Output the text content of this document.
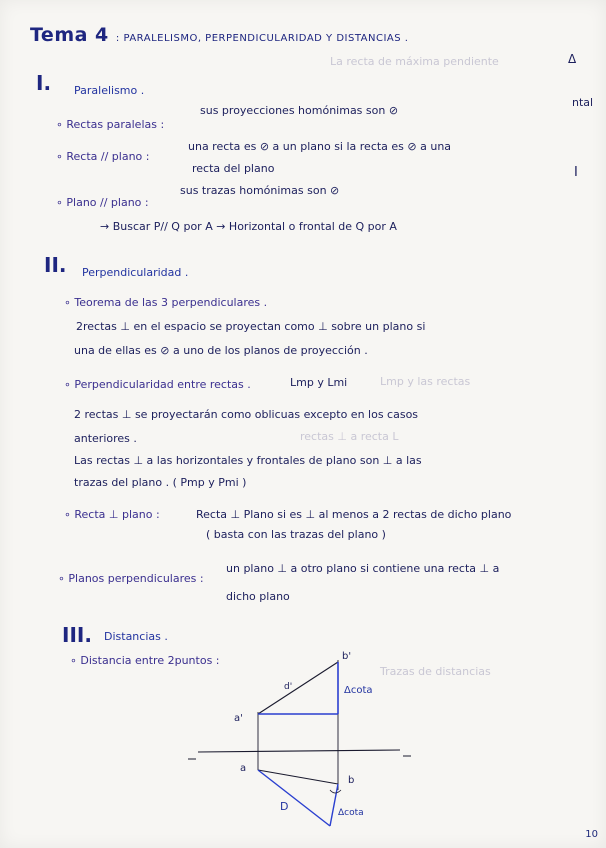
La recta de máxima pendiente
Lmp y las rectas
rectas ⊥ a recta L
Trazas de distancias
Δ
ntal
I
Tema 4 : PARALELISMO, PERPENDICULARIDAD Y DISTANCIAS .
I. Paralelismo .
∘ Rectas paralelas :
sus proyecciones homónimas son ⊘
∘ Recta // plano :
una recta es ⊘ a un plano si la recta es ⊘ a una
recta del plano
∘ Plano // plano :
sus trazas homónimas son ⊘
→ Buscar P// Q por A → Horizontal o frontal de Q por A
II. Perpendicularidad .
∘ Teorema de las 3 perpendiculares .
2rectas ⊥ en el espacio se proyectan como ⊥ sobre un plano si
una de ellas es ⊘ a uno de los planos de proyección .
∘ Perpendicularidad entre rectas .	Lmp y Lmi
2 rectas ⊥ se proyectarán como oblicuas excepto en los casos
anteriores .
Las rectas ⊥ a las horizontales y frontales de plano son ⊥ a las
trazas del plano . ( Pmp y Pmi )
∘ Recta ⊥ plano :	Recta ⊥ Plano si es ⊥ al menos a 2 rectas de dicho plano
( basta con las trazas del plano )
∘ Planos perpendiculares :
un plano ⊥ a otro plano si contiene una recta ⊥ a
dicho plano
III. Distancias .
∘ Distancia entre 2puntos :
a'
b'
d'	Δcota
a
b
D	Δcota
10
